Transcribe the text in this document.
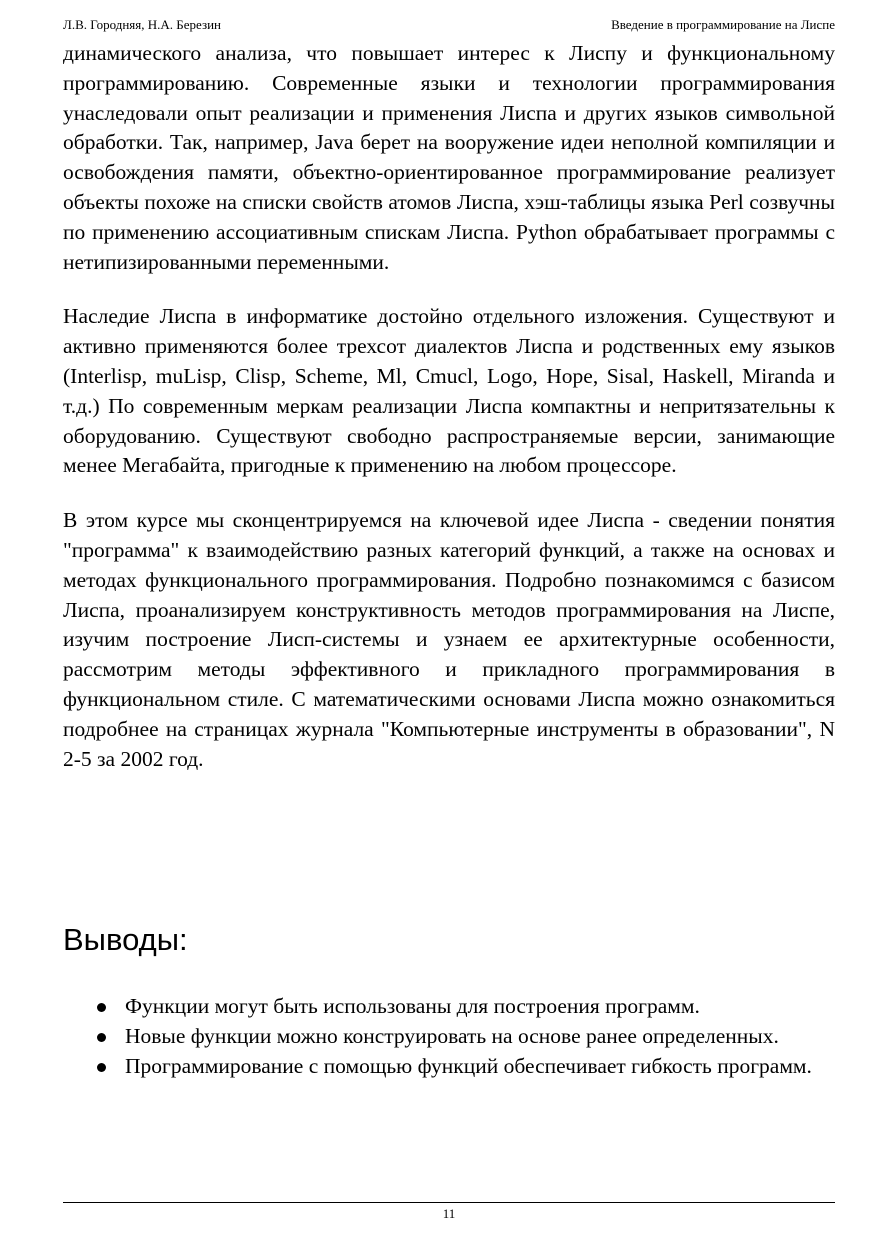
Л.В. Городняя, Н.А. Березин	Введение в программирование на Лиспе

динамического анализа, что повышает интерес к Лиспу и функциональному программированию. Современные языки и технологии программирования унаследовали опыт реализации и применения Лиспа и других языков символьной обработки. Так, например, Java берет на вооружение идеи неполной компиляции и освобождения памяти, объектно-ориентированное программирование реализует объекты похоже на списки свойств атомов Лиспа, хэш-таблицы языка Perl созвучны по применению ассоциативным спискам Лиспа. Python обрабатывает программы с нетипизированными переменными.

Наследие Лиспа в информатике достойно отдельного изложения. Существуют и активно применяются более трехсот диалектов Лиспа и родственных ему языков (Interlisp, muLisp, Clisp, Scheme, Ml, Cmucl, Logo, Hope, Sisal, Haskell, Miranda и т.д.) По современным меркам реализации Лиспа компактны и непритязательны к оборудованию. Существуют свободно распространяемые версии, занимающие менее Мегабайта, пригодные к применению на любом процессоре.

В этом курсе мы сконцентрируемся на ключевой идее Лиспа - сведении понятия "программа" к взаимодействию разных категорий функций, а также на основах и методах функционального программирования. Подробно познакомимся с базисом Лиспа, проанализируем конструктивность методов программирования на Лиспе, изучим построение Лисп-системы и узнаем ее архитектурные особенности, рассмотрим методы эффективного и прикладного программирования в функциональном стиле. С математическими основами Лиспа можно ознакомиться подробнее на страницах журнала "Компьютерные инструменты в образовании", N 2-5 за 2002 год.

Выводы:
Функции могут быть использованы для построения программ.
Новые функции можно конструировать на основе ранее определенных.
Программирование с помощью функций обеспечивает гибкость программ.
11
